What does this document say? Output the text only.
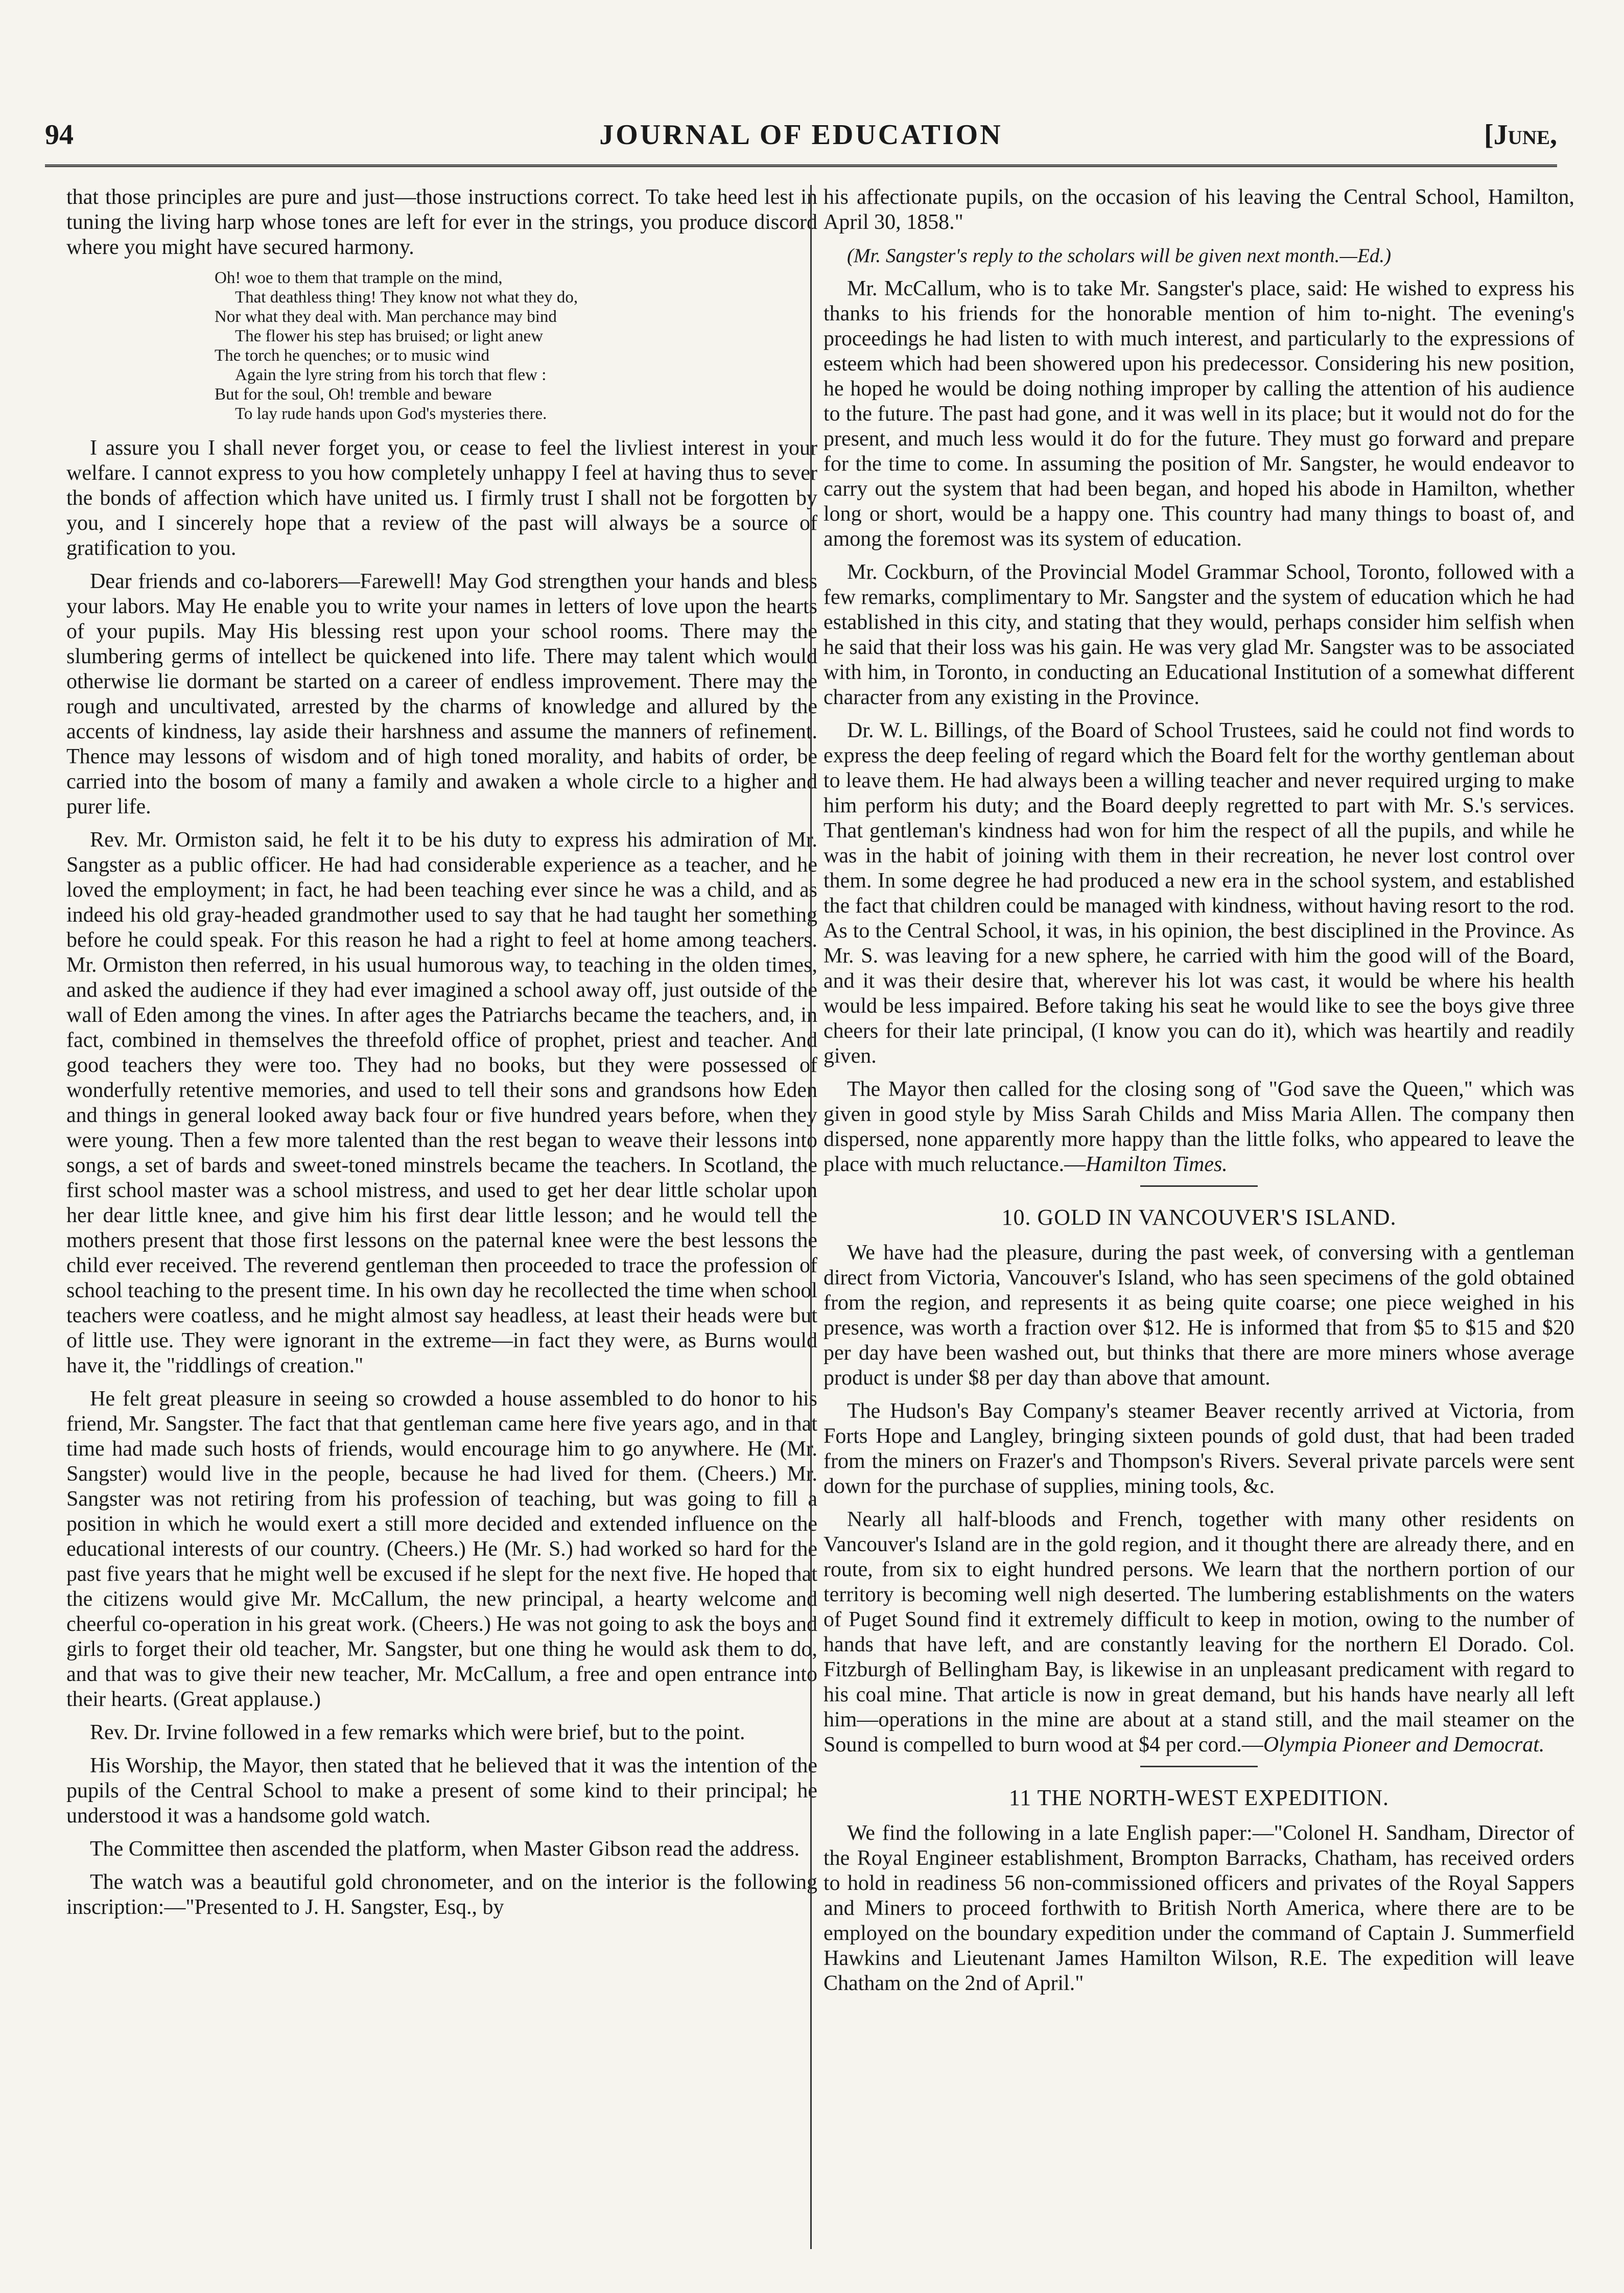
94	JOURNAL OF EDUCATION	[June,

that those principles are pure and just—those instructions correct. To take heed lest in tuning the living harp whose tones are left for ever in the strings, you produce discord where you might have secured harmony.

Oh! woe to them that trample on the mind,
That deathless thing! They know not what they do,
Nor what they deal with. Man perchance may bind
The flower his step has bruised; or light anew
The torch he quenches; or to music wind
Again the lyre string from his torch that flew :
But for the soul, Oh! tremble and beware
To lay rude hands upon God's mysteries there.

I assure you I shall never forget you, or cease to feel the livliest interest in your welfare. I cannot express to you how completely unhappy I feel at having thus to sever the bonds of affection which have united us. I firmly trust I shall not be forgotten by you, and I sincerely hope that a review of the past will always be a source of gratification to you.

Dear friends and co-laborers—Farewell! May God strengthen your hands and bless your labors. May He enable you to write your names in letters of love upon the hearts of your pupils. May His blessing rest upon your school rooms. There may the slumbering germs of intellect be quickened into life. There may talent which would otherwise lie dormant be started on a career of endless improvement. There may the rough and uncultivated, arrested by the charms of knowledge and allured by the accents of kindness, lay aside their harshness and assume the manners of refinement. Thence may lessons of wisdom and of high toned morality, and habits of order, be carried into the bosom of many a family and awaken a whole circle to a higher and purer life.

Rev. Mr. Ormiston said, he felt it to be his duty to express his admiration of Mr. Sangster as a public officer. He had had considerable experience as a teacher, and he loved the employment; in fact, he had been teaching ever since he was a child, and as indeed his old gray-headed grandmother used to say that he had taught her something before he could speak. For this reason he had a right to feel at home among teachers. Mr. Ormiston then referred, in his usual humorous way, to teaching in the olden times, and asked the audience if they had ever imagined a school away off, just outside of the wall of Eden among the vines. In after ages the Patriarchs became the teachers, and, in fact, combined in themselves the threefold office of prophet, priest and teacher. And good teachers they were too. They had no books, but they were possessed of wonderfully retentive memories, and used to tell their sons and grandsons how Eden and things in general looked away back four or five hundred years before, when they were young. Then a few more talented than the rest began to weave their lessons into songs, a set of bards and sweet-toned minstrels became the teachers. In Scotland, the first school master was a school mistress, and used to get her dear little scholar upon her dear little knee, and give him his first dear little lesson; and he would tell the mothers present that those first lessons on the paternal knee were the best lessons the child ever received. The reverend gentleman then proceeded to trace the profession of school teaching to the present time. In his own day he recollected the time when school teachers were coatless, and he might almost say headless, at least their heads were but of little use. They were ignorant in the extreme—in fact they were, as Burns would have it, the "riddlings of creation."

He felt great pleasure in seeing so crowded a house assembled to do honor to his friend, Mr. Sangster. The fact that that gentleman came here five years ago, and in that time had made such hosts of friends, would encourage him to go anywhere. He (Mr. Sangster) would live in the people, because he had lived for them. (Cheers.) Mr. Sangster was not retiring from his profession of teaching, but was going to fill a position in which he would exert a still more decided and extended influence on the educational interests of our country. (Cheers.) He (Mr. S.) had worked so hard for the past five years that he might well be excused if he slept for the next five. He hoped that the citizens would give Mr. McCallum, the new principal, a hearty welcome and cheerful co-operation in his great work. (Cheers.) He was not going to ask the boys and girls to forget their old teacher, Mr. Sangster, but one thing he would ask them to do, and that was to give their new teacher, Mr. McCallum, a free and open entrance into their hearts. (Great applause.)

Rev. Dr. Irvine followed in a few remarks which were brief, but to the point.

His Worship, the Mayor, then stated that he believed that it was the intention of the pupils of the Central School to make a present of some kind to their principal; he understood it was a handsome gold watch.

The Committee then ascended the platform, when Master Gibson read the address.

The watch was a beautiful gold chronometer, and on the interior is the following inscription:—"Presented to J. H. Sangster, Esq., by

his affectionate pupils, on the occasion of his leaving the Central School, Hamilton, April 30, 1858."

(Mr. Sangster's reply to the scholars will be given next month.—Ed.)

Mr. McCallum, who is to take Mr. Sangster's place, said: He wished to express his thanks to his friends for the honorable mention of him to-night. The evening's proceedings he had listen to with much interest, and particularly to the expressions of esteem which had been showered upon his predecessor. Considering his new position, he hoped he would be doing nothing improper by calling the attention of his audience to the future. The past had gone, and it was well in its place; but it would not do for the present, and much less would it do for the future. They must go forward and prepare for the time to come. In assuming the position of Mr. Sangster, he would endeavor to carry out the system that had been began, and hoped his abode in Hamilton, whether long or short, would be a happy one. This country had many things to boast of, and among the foremost was its system of education.

Mr. Cockburn, of the Provincial Model Grammar School, Toronto, followed with a few remarks, complimentary to Mr. Sangster and the system of education which he had established in this city, and stating that they would, perhaps consider him selfish when he said that their loss was his gain. He was very glad Mr. Sangster was to be associated with him, in Toronto, in conducting an Educational Institution of a somewhat different character from any existing in the Province.

Dr. W. L. Billings, of the Board of School Trustees, said he could not find words to express the deep feeling of regard which the Board felt for the worthy gentleman about to leave them. He had always been a willing teacher and never required urging to make him perform his duty; and the Board deeply regretted to part with Mr. S.'s services. That gentleman's kindness had won for him the respect of all the pupils, and while he was in the habit of joining with them in their recreation, he never lost control over them. In some degree he had produced a new era in the school system, and established the fact that children could be managed with kindness, without having resort to the rod. As to the Central School, it was, in his opinion, the best disciplined in the Province. As Mr. S. was leaving for a new sphere, he carried with him the good will of the Board, and it was their desire that, wherever his lot was cast, it would be where his health would be less impaired. Before taking his seat he would like to see the boys give three cheers for their late principal, (I know you can do it), which was heartily and readily given.

The Mayor then called for the closing song of "God save the Queen," which was given in good style by Miss Sarah Childs and Miss Maria Allen. The company then dispersed, none apparently more happy than the little folks, who appeared to leave the place with much reluctance.—Hamilton Times.

10. GOLD IN VANCOUVER'S ISLAND.

We have had the pleasure, during the past week, of conversing with a gentleman direct from Victoria, Vancouver's Island, who has seen specimens of the gold obtained from the region, and represents it as being quite coarse; one piece weighed in his presence, was worth a fraction over $12. He is informed that from $5 to $15 and $20 per day have been washed out, but thinks that there are more miners whose average product is under $8 per day than above that amount.

The Hudson's Bay Company's steamer Beaver recently arrived at Victoria, from Forts Hope and Langley, bringing sixteen pounds of gold dust, that had been traded from the miners on Frazer's and Thompson's Rivers. Several private parcels were sent down for the purchase of supplies, mining tools, &c.

Nearly all half-bloods and French, together with many other residents on Vancouver's Island are in the gold region, and it thought there are already there, and en route, from six to eight hundred persons. We learn that the northern portion of our territory is becoming well nigh deserted. The lumbering establishments on the waters of Puget Sound find it extremely difficult to keep in motion, owing to the number of hands that have left, and are constantly leaving for the northern El Dorado. Col. Fitzburgh of Bellingham Bay, is likewise in an unpleasant predicament with regard to his coal mine. That article is now in great demand, but his hands have nearly all left him—operations in the mine are about at a stand still, and the mail steamer on the Sound is compelled to burn wood at $4 per cord.—Olympia Pioneer and Democrat.

11 THE NORTH-WEST EXPEDITION.

We find the following in a late English paper:—"Colonel H. Sandham, Director of the Royal Engineer establishment, Brompton Barracks, Chatham, has received orders to hold in readiness 56 non-commissioned officers and privates of the Royal Sappers and Miners to proceed forthwith to British North America, where there are to be employed on the boundary expedition under the command of Captain J. Summerfield Hawkins and Lieutenant James Hamilton Wilson, R.E. The expedition will leave Chatham on the 2nd of April."
